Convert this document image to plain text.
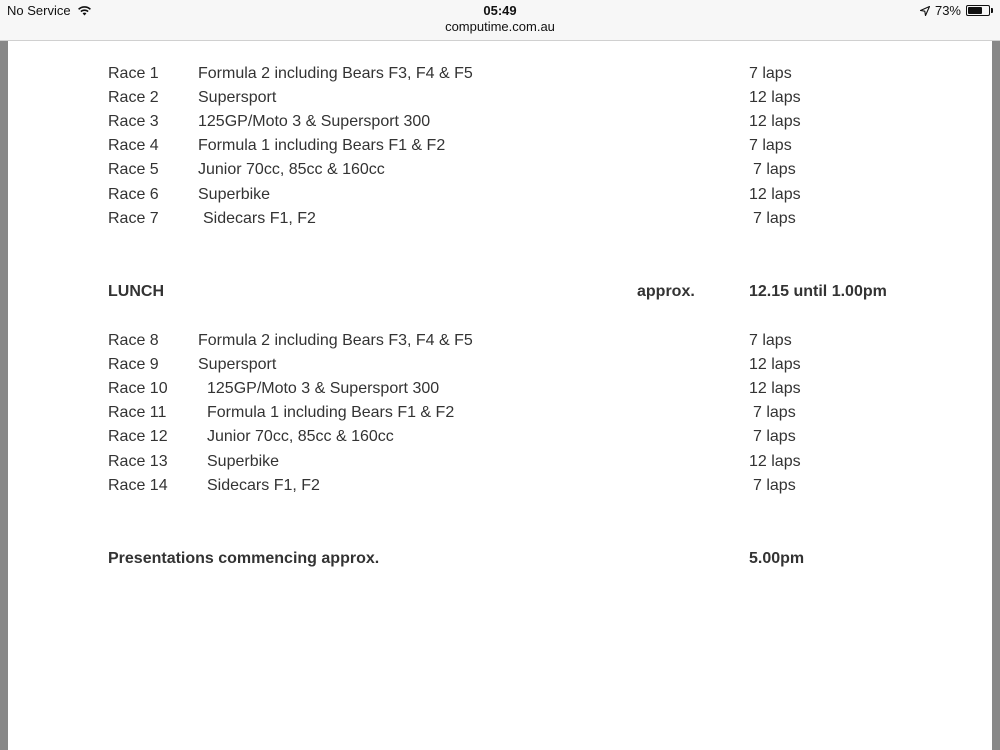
No Service	05:49
computime.com.au
73%
Race 1 Formula 2 including Bears F3, F4 & F5	7 laps
Race 2 Supersport	12 laps
Race 3 125GP/Moto 3 & Supersport 300	12 laps
Race 4 Formula 1 including Bears F1 & F2	7 laps
Race 5 Junior 70cc, 85cc & 160cc	7 laps
Race 6 Superbike	12 laps
Race 7	Sidecars F1, F2	7 laps
LUNCH	approx.	12.15 until 1.00pm
Race 8 Formula 2 including Bears F3, F4 & F5	7 laps
Race 9 Supersport	12 laps
Race 10 125GP/Moto 3 & Supersport 300	12 laps
Race 11	Formula 1 including Bears F1 & F2	7 laps
Race 12 Junior 70cc, 85cc & 160cc	7 laps
Race 13 Superbike	12 laps
Race 14 Sidecars F1, F2	7 laps
Presentations commencing approx.	5.00pm
